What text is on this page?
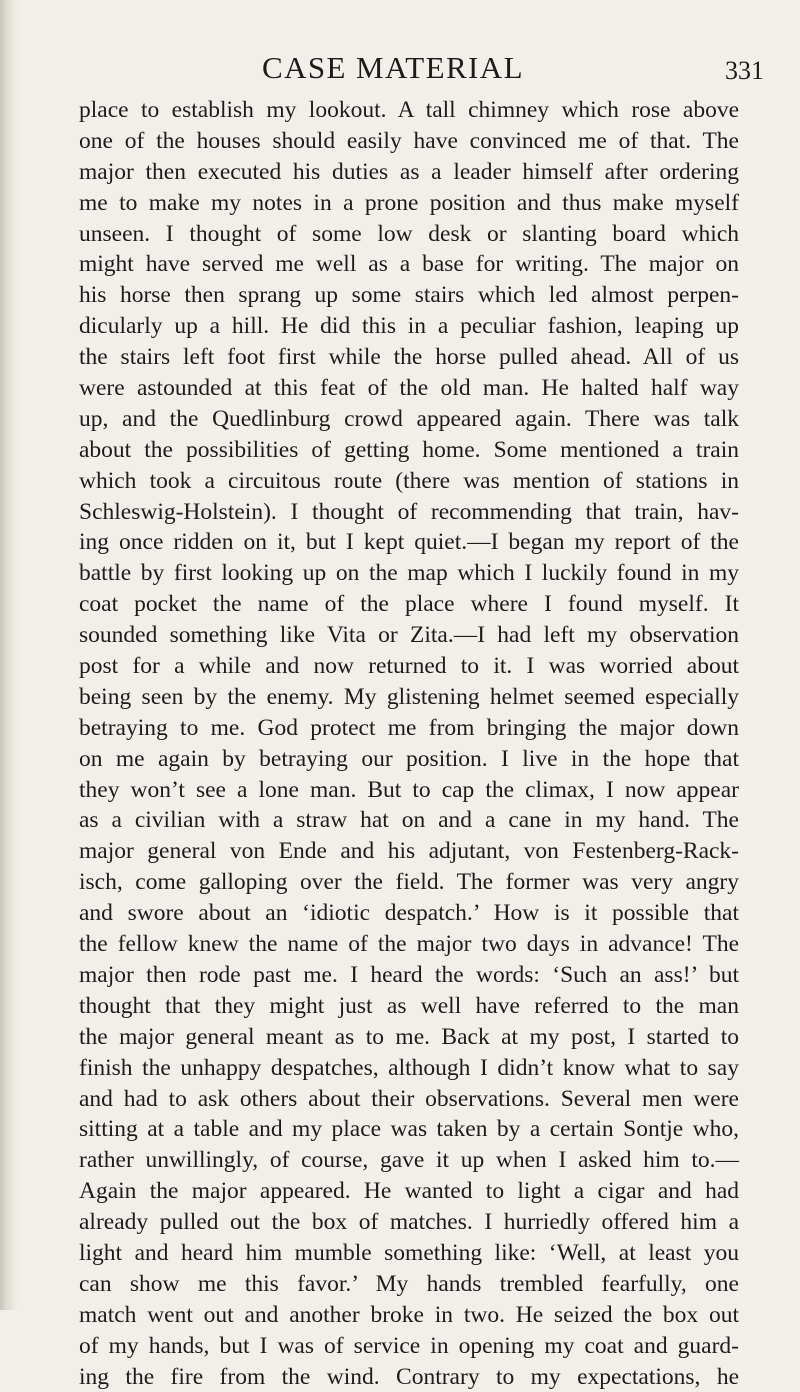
CASE MATERIAL	331
place to establish my lookout. A tall chimney which rose above
one of the houses should easily have convinced me of that. The
major then executed his duties as a leader himself after ordering
me to make my notes in a prone position and thus make myself
unseen. I thought of some low desk or slanting board which
might have served me well as a base for writing. The major on
his horse then sprang up some stairs which led almost perpen-
dicularly up a hill. He did this in a peculiar fashion, leaping up
the stairs left foot first while the horse pulled ahead. All of us
were astounded at this feat of the old man. He halted half way
up, and the Quedlinburg crowd appeared again. There was talk
about the possibilities of getting home. Some mentioned a train
which took a circuitous route (there was mention of stations in
Schleswig-Holstein). I thought of recommending that train, hav-
ing once ridden on it, but I kept quiet.—I began my report of the
battle by first looking up on the map which I luckily found in my
coat pocket the name of the place where I found myself. It
sounded something like Vita or Zita.—I had left my observation
post for a while and now returned to it. I was worried about
being seen by the enemy. My glistening helmet seemed especially
betraying to me. God protect me from bringing the major down
on me again by betraying our position. I live in the hope that
they won’t see a lone man. But to cap the climax, I now appear
as a civilian with a straw hat on and a cane in my hand. The
major general von Ende and his adjutant, von Festenberg-Rack-
isch, come galloping over the field. The former was very angry
and swore about an ‘idiotic despatch.’ How is it possible that
the fellow knew the name of the major two days in advance! The
major then rode past me. I heard the words: ‘Such an ass!’ but
thought that they might just as well have referred to the man
the major general meant as to me. Back at my post, I started to
finish the unhappy despatches, although I didn’t know what to say
and had to ask others about their observations. Several men were
sitting at a table and my place was taken by a certain Sontje who,
rather unwillingly, of course, gave it up when I asked him to.—
Again the major appeared. He wanted to light a cigar and had
already pulled out the box of matches. I hurriedly offered him a
light and heard him mumble something like: ‘Well, at least you
can show me this favor.’ My hands trembled fearfully, one
match went out and another broke in two. He seized the box out
of my hands, but I was of service in opening my coat and guard-
ing the fire from the wind. Contrary to my expectations, he
